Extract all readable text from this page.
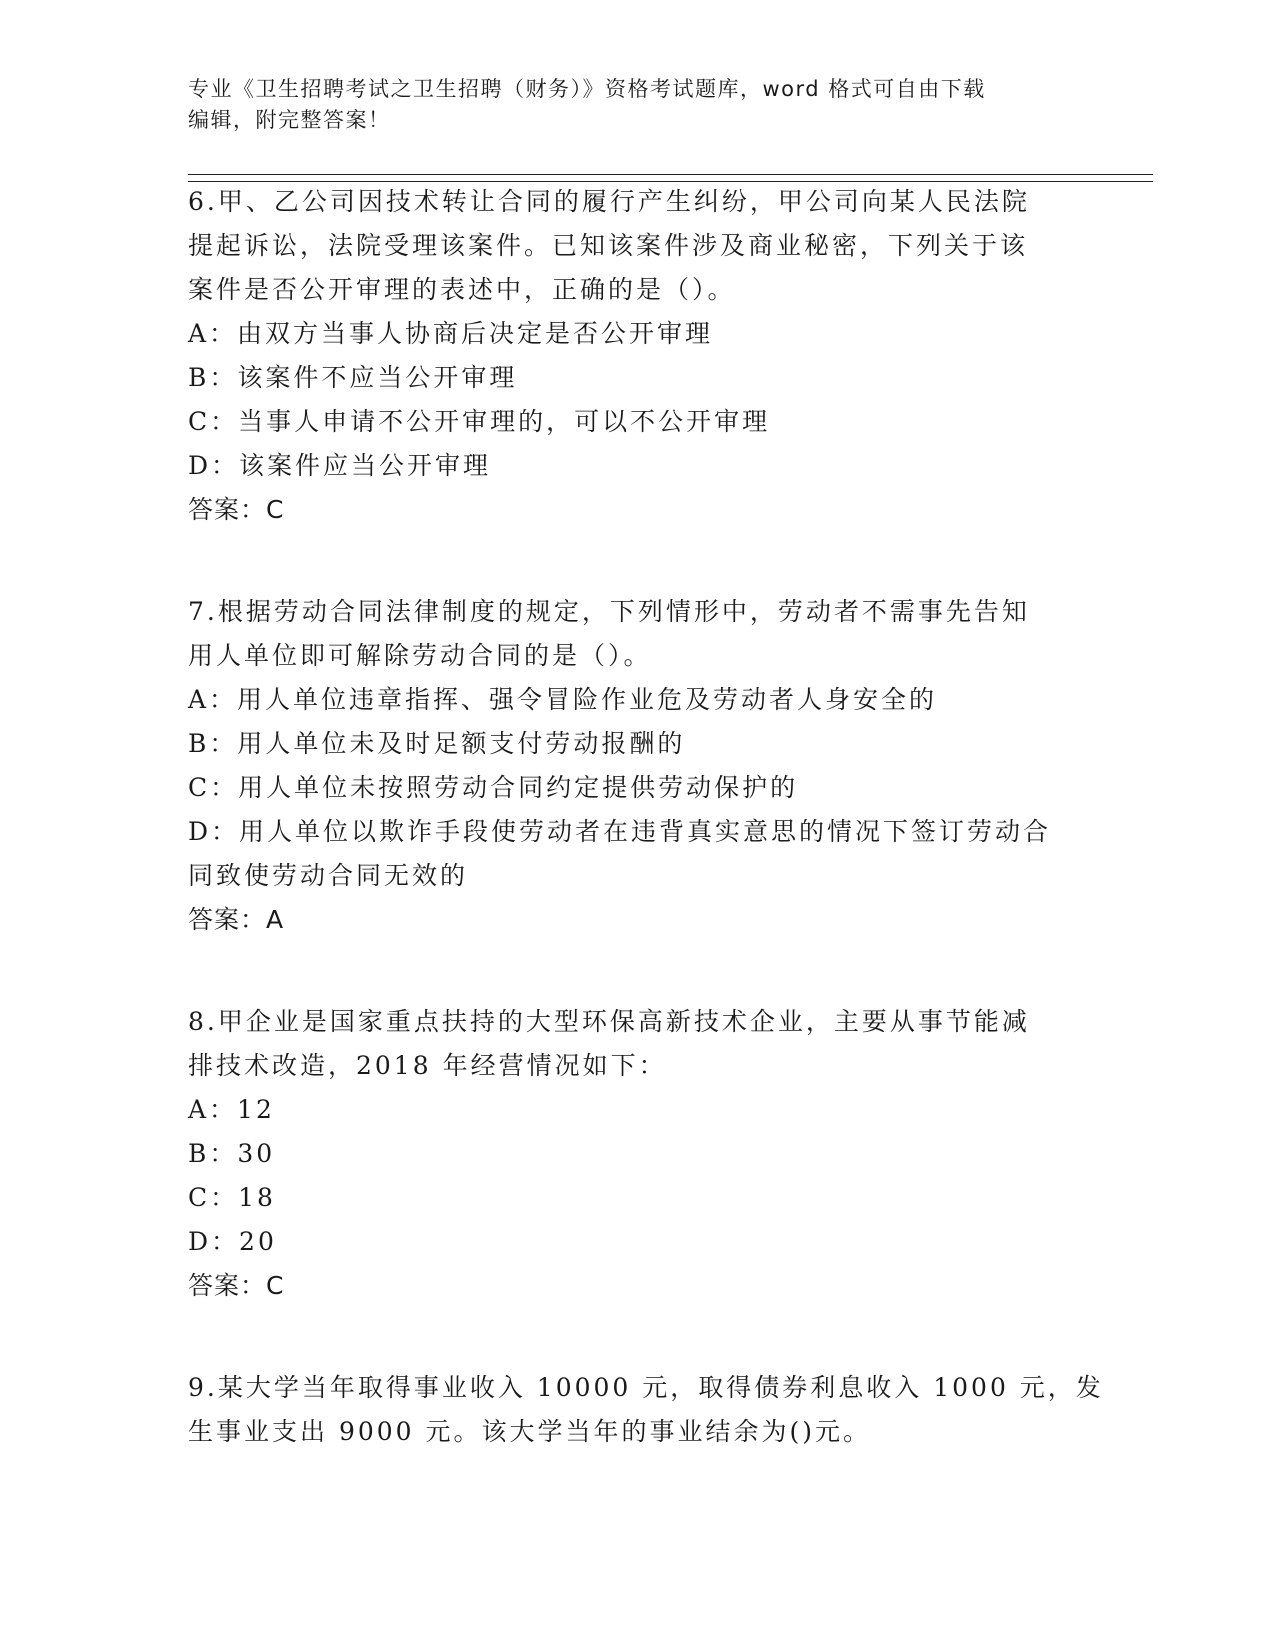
专业《卫生招聘考试之卫生招聘（财务）》资格考试题库，word 格式可自由下载
编辑，附完整答案！
6.甲、乙公司因技术转让合同的履行产生纠纷，甲公司向某人民法院
提起诉讼，法院受理该案件。已知该案件涉及商业秘密，下列关于该
案件是否公开审理的表述中，正确的是（）。
A：由双方当事人协商后决定是否公开审理
B：该案件不应当公开审理
C：当事人申请不公开审理的，可以不公开审理
D：该案件应当公开审理
答案：C
7.根据劳动合同法律制度的规定，下列情形中，劳动者不需事先告知
用人单位即可解除劳动合同的是（）。
A：用人单位违章指挥、强令冒险作业危及劳动者人身安全的
B：用人单位未及时足额支付劳动报酬的
C：用人单位未按照劳动合同约定提供劳动保护的
D：用人单位以欺诈手段使劳动者在违背真实意思的情况下签订劳动合
同致使劳动合同无效的
答案：A
8.甲企业是国家重点扶持的大型环保高新技术企业，主要从事节能减
排技术改造，2018 年经营情况如下：
A：12
B：30
C：18
D：20
答案：C
9.某大学当年取得事业收入 10000 元，取得债券利息收入 1000 元，发
生事业支出 9000 元。该大学当年的事业结余为()元。
